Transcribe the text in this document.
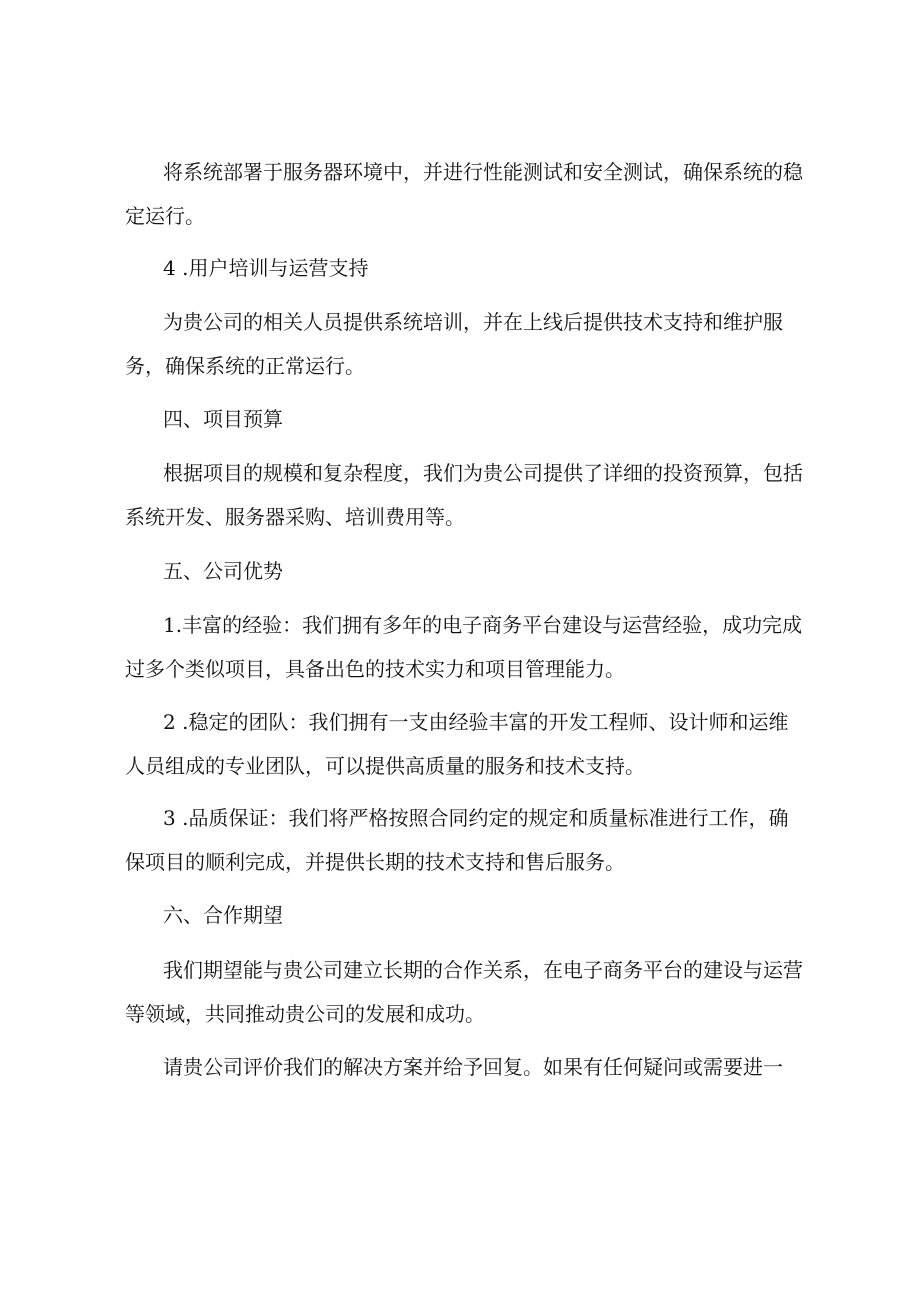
将系统部署于服务器环境中，并进行性能测试和安全测试，确保系统的稳定运行。

4 .用户培训与运营支持

为贵公司的相关人员提供系统培训，并在上线后提供技术支持和维护服务，确保系统的正常运行。

四、项目预算

根据项目的规模和复杂程度，我们为贵公司提供了详细的投资预算，包括系统开发、服务器采购、培训费用等。

五、公司优势

1.丰富的经验：我们拥有多年的电子商务平台建设与运营经验，成功完成过多个类似项目，具备出色的技术实力和项目管理能力。

2 .稳定的团队：我们拥有一支由经验丰富的开发工程师、设计师和运维人员组成的专业团队，可以提供高质量的服务和技术支持。

3 .品质保证：我们将严格按照合同约定的规定和质量标准进行工作，确保项目的顺利完成，并提供长期的技术支持和售后服务。

六、合作期望

我们期望能与贵公司建立长期的合作关系，在电子商务平台的建设与运营等领域，共同推动贵公司的发展和成功。

请贵公司评价我们的解决方案并给予回复。如果有任何疑问或需要进一
